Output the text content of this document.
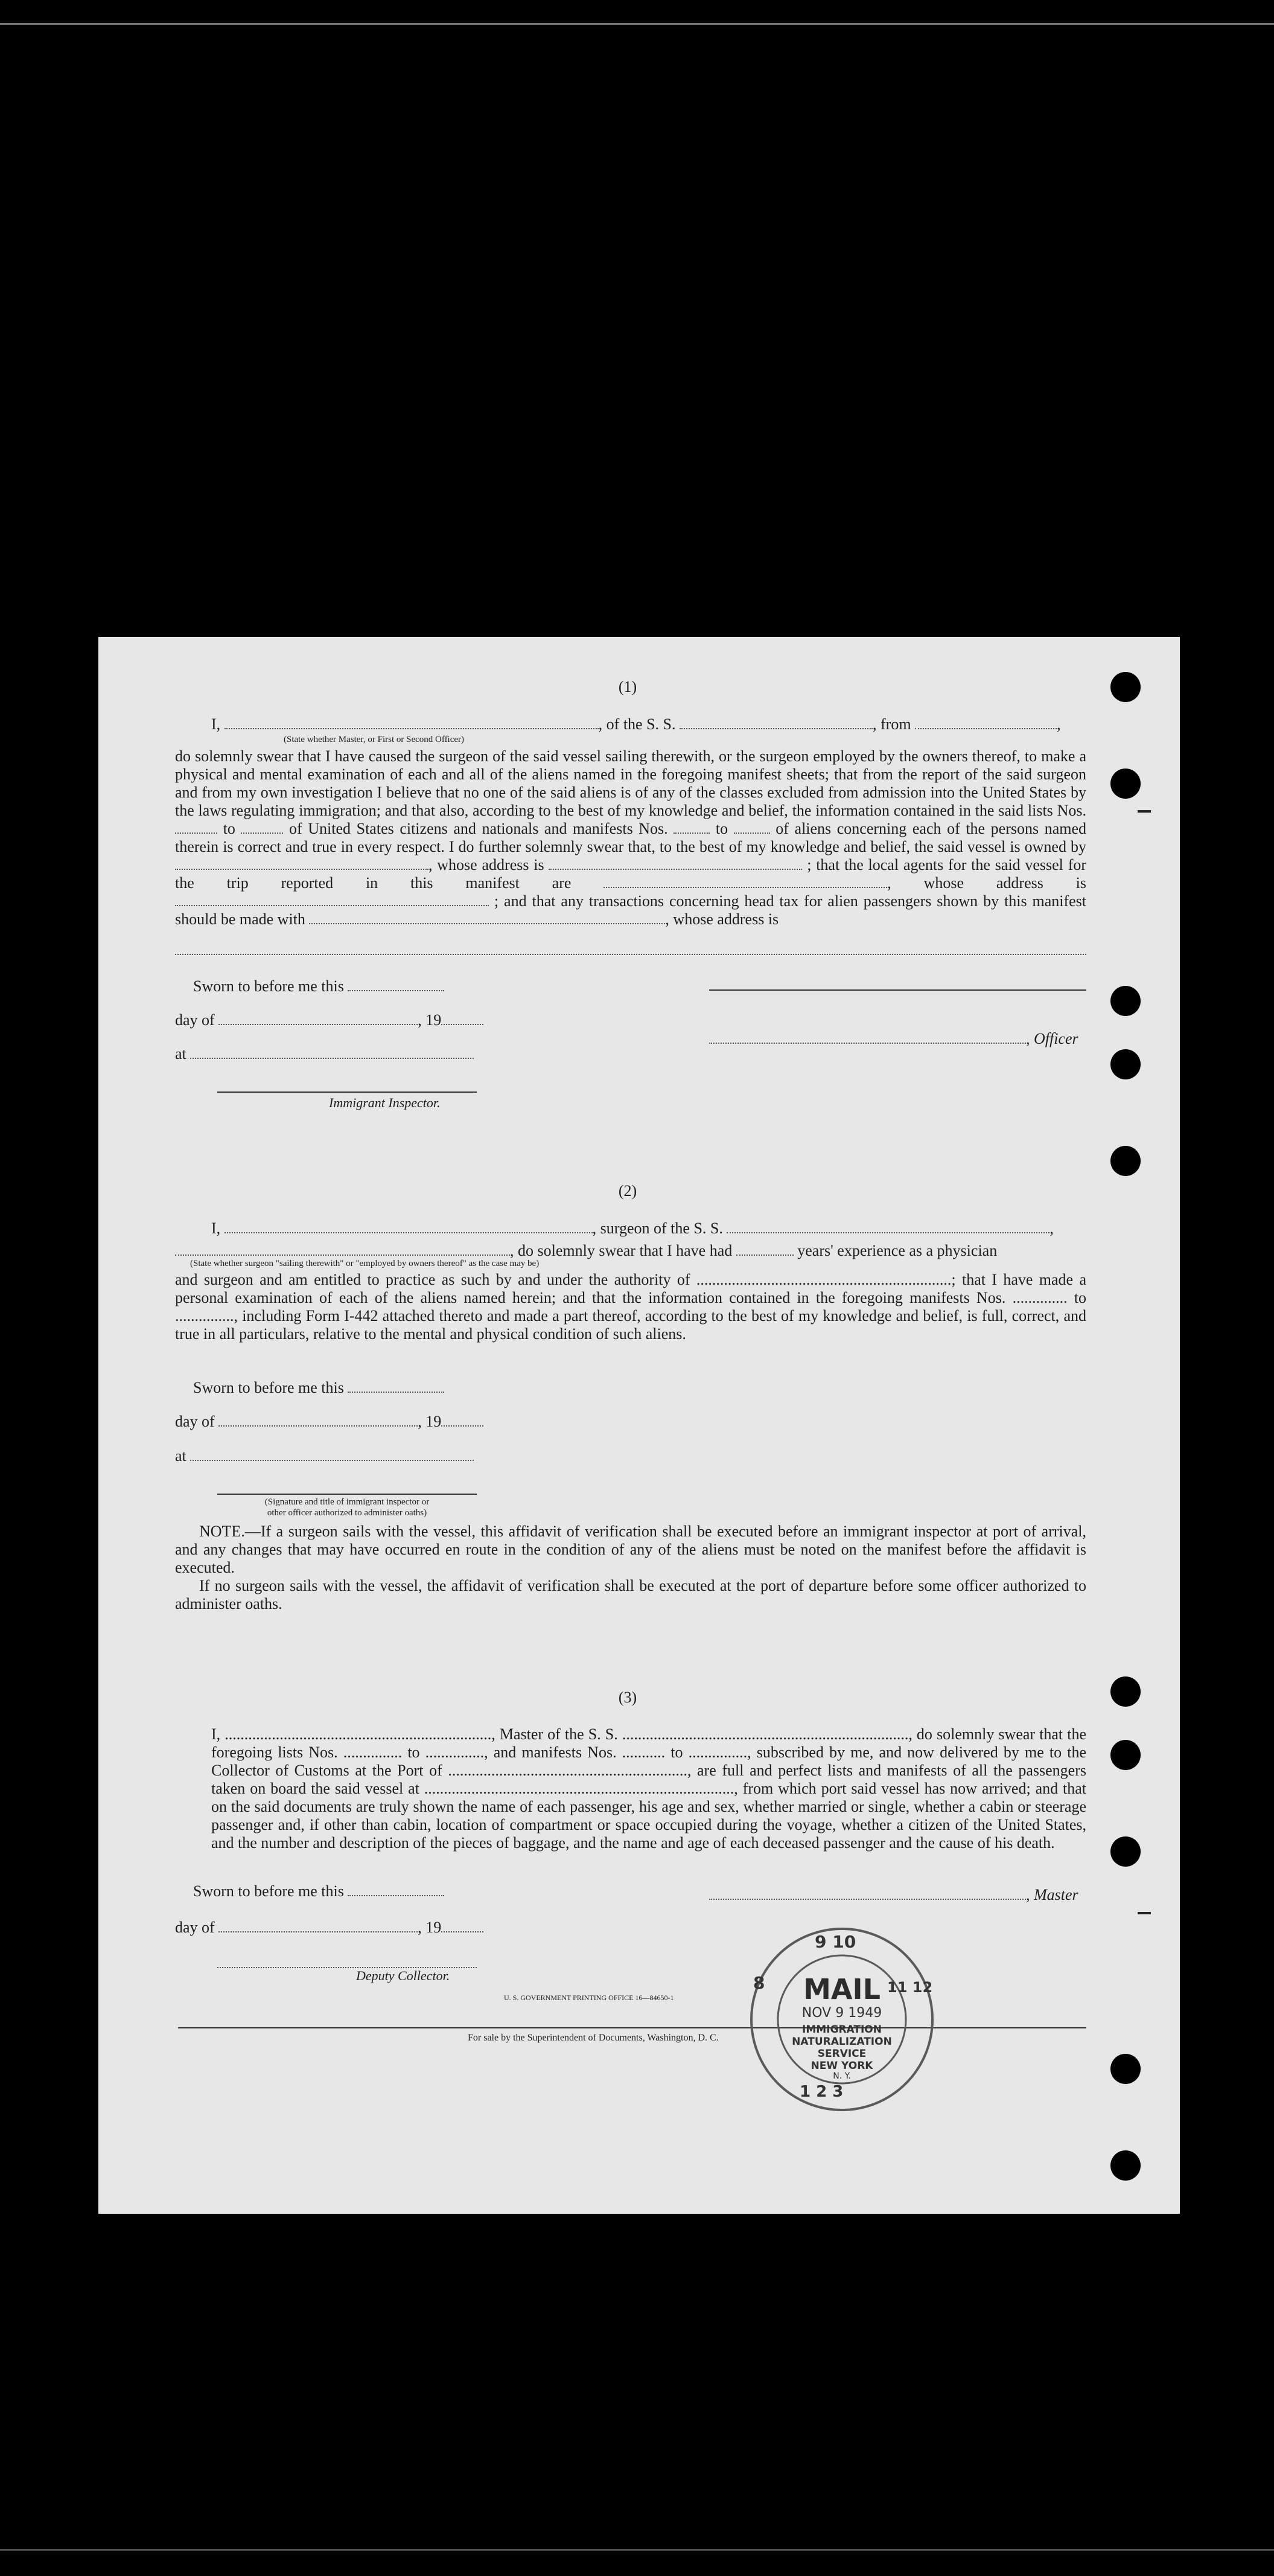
(1)
I,	, of the S. S.	, from	,
(State whether Master, or First or Second Officer)
do solemnly swear that I have caused the surgeon of the said vessel sailing therewith, or the surgeon employed by the owners thereof, to make a physical and mental examination of each and all of the aliens named in the foregoing manifest sheets; that from the report of the said surgeon and from my own investigation I believe that no one of the said aliens is of any of the classes excluded from admission into the United States by the laws regulating immigration; and that also, according to the best of my knowledge and belief, the information contained in the said lists Nos.  to	of United States citizens and nationals and manifests Nos.	to	of aliens concerning each of the persons named therein is correct and true in every respect. I do further solemnly swear that, to the best of my knowledge and belief, the said vessel is owned by , whose address is	; that the local agents for the said vessel for the trip reported in this manifest are	, whose address is  ; and that any transactions concerning head tax for alien passengers shown by this manifest should be made with	, whose address is
Sworn to before me this
day of	, 19
, Officer
at
Immigrant Inspector.
(2)
I,	, surgeon of the S. S.	,
, do solemnly swear that I have had	years' experience as a physician
(State whether surgeon "sailing therewith" or "employed by owners thereof" as the case may be)
and surgeon and am entitled to practice as such by and under the authority of .................................................................; that I have made a personal examination of each of the aliens named herein; and that the information contained in the foregoing manifests Nos. .............. to ..............., including Form I-442 attached thereto and made a part thereof, according to the best of my knowledge and belief, is full, correct, and true in all particulars, relative to the mental and physical condition of such aliens.
Sworn to before me this
day of	, 19
at
(Signature and title of immigrant inspector or
other officer authorized to administer oaths)
NOTE.—If a surgeon sails with the vessel, this affidavit of verification shall be executed before an immigrant inspector at port of arrival, and any changes that may have occurred en route in the condition of any of the aliens must be noted on the manifest before the affidavit is executed.
If no surgeon sails with the vessel, the affidavit of verification shall be executed at the port of departure before some officer authorized to administer oaths.
(3)
I, ...................................................................., Master of the S. S. ........................................................................., do solemnly swear that the foregoing lists Nos. ............... to ..............., and manifests Nos. ........... to ..............., subscribed by me, and now delivered by me to the Collector of Customs at the Port of ............................................................., are full and perfect lists and manifests of all the passengers taken on board the said vessel at ..............................................................................., from which port said vessel has now arrived; and that on the said documents are truly shown the name of each passenger, his age and sex, whether married or single, whether a cabin or steerage passenger and, if other than cabin, location of compartment or space occupied during the voyage, whether a citizen of the United States, and the number and description of the pieces of baggage, and the name and age of each deceased passenger and the cause of his death.
Sworn to before me this	, Master
day of	, 19
Deputy Collector.
U. S. GOVERNMENT PRINTING OFFICE 16—84650-1
For sale by the Superintendent of Documents, Washington, D. C.
9 10
8	11 12
1 2 3
MAIL
NOV 9 1949
IMMIGRATION
NATURALIZATION
SERVICE
NEW YORK
N. Y.
